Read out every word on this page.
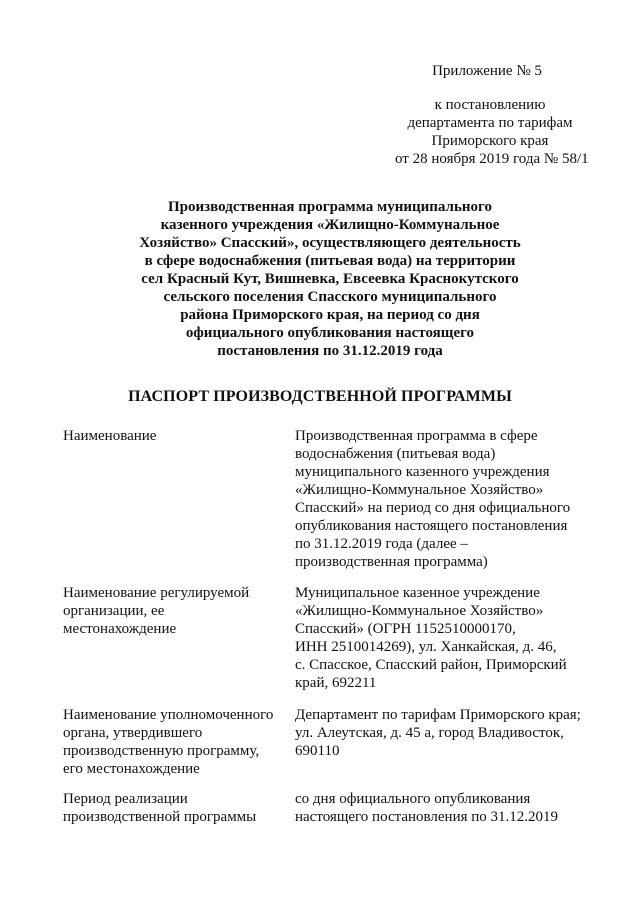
Приложение № 5
к постановлению
департамента по тарифам
Приморского края
от 28 ноября 2019 года № 58/1
Производственная программа муниципального
казенного учреждения «Жилищно-Коммунальное
Хозяйство» Спасский», осуществляющего деятельность
в сфере водоснабжения (питьевая вода) на территории
сел Красный Кут, Вишневка, Евсеевка Краснокутского
сельского поселения Спасского муниципального
района Приморского края, на период со дня
официального опубликования настоящего
постановления по 31.12.2019 года
ПАСПОРТ ПРОИЗВОДСТВЕННОЙ ПРОГРАММЫ
Наименование	Производственная программа в сфере
водоснабжения (питьевая вода)
муниципального казенного учреждения
«Жилищно-Коммунальное Хозяйство»
Спасский» на период со дня официального
опубликования настоящего постановления
по 31.12.2019 года (далее –
производственная программа)
Наименование регулируемой
организации, ее
местонахождение
Муниципальное казенное учреждение
«Жилищно-Коммунальное Хозяйство»
Спасский» (ОГРН 1152510000170,
ИНН 2510014269), ул. Ханкайская, д. 46,
с. Спасское, Спасский район, Приморский
край, 692211
Наименование уполномоченного
органа, утвердившего
производственную программу,
его местонахождение
Департамент по тарифам Приморского края;
ул. Алеутская, д. 45 а, город Владивосток,
690110
Период реализации
производственной программы
со дня официального опубликования
настоящего постановления по 31.12.2019
